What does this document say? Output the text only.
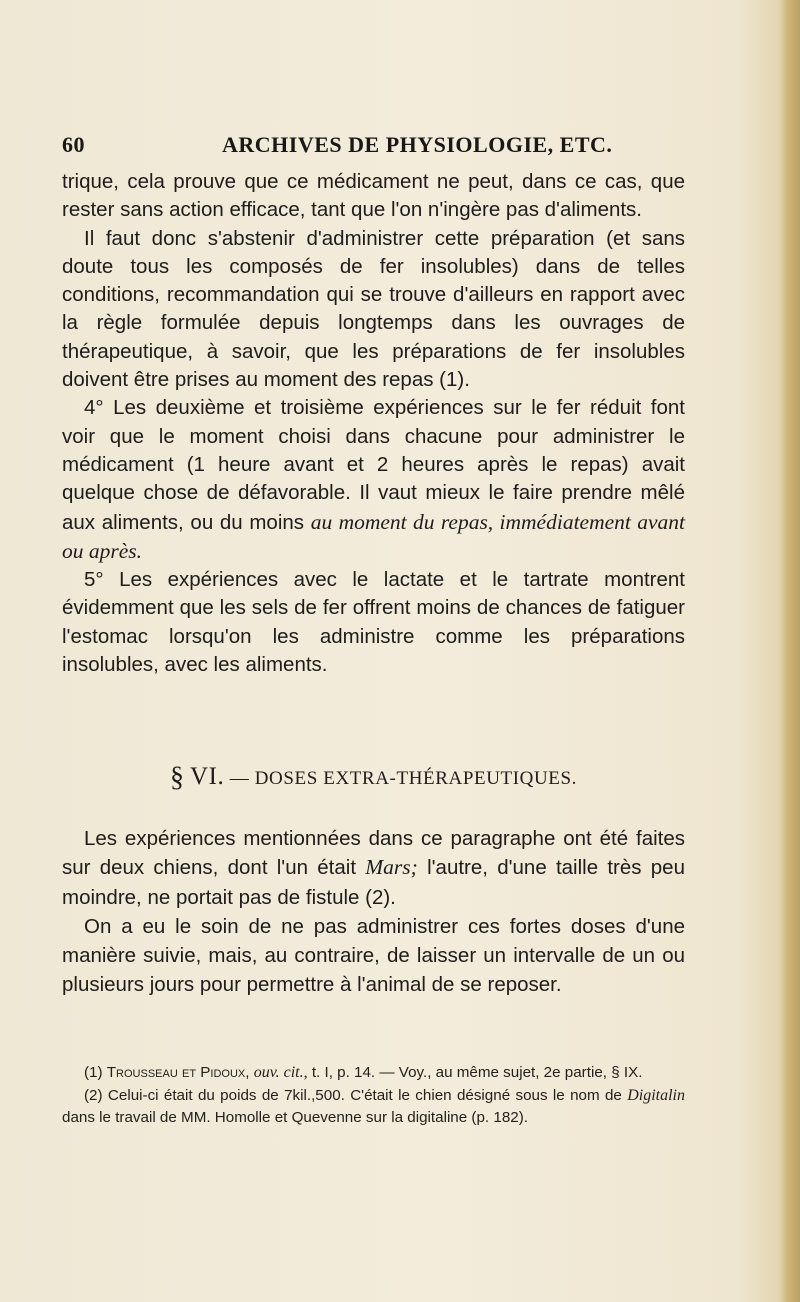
60	ARCHIVES DE PHYSIOLOGIE, ETC.

trique, cela prouve que ce médicament ne peut, dans ce cas, que rester sans action efficace, tant que l'on n'ingère pas d'aliments.

Il faut donc s'abstenir d'administrer cette préparation (et sans doute tous les composés de fer insolubles) dans de telles conditions, recommandation qui se trouve d'ailleurs en rapport avec la règle formulée depuis longtemps dans les ouvrages de thérapeutique, à savoir, que les préparations de fer insolubles doivent être prises au moment des repas (1).

4° Les deuxième et troisième expériences sur le fer réduit font voir que le moment choisi dans chacune pour administrer le médicament (1 heure avant et 2 heures après le repas) avait quelque chose de défavorable. Il vaut mieux le faire prendre mêlé aux aliments, ou du moins au moment du repas, immédiatement avant ou après.

5° Les expériences avec le lactate et le tartrate montrent évidemment que les sels de fer offrent moins de chances de fatiguer l'estomac lorsqu'on les administre comme les préparations insolubles, avec les aliments.

§ VI. — DOSES EXTRA-THÉRAPEUTIQUES.

Les expériences mentionnées dans ce paragraphe ont été faites sur deux chiens, dont l'un était Mars; l'autre, d'une taille très peu moindre, ne portait pas de fistule (2).

On a eu le soin de ne pas administrer ces fortes doses d'une manière suivie, mais, au contraire, de laisser un intervalle de un ou plusieurs jours pour permettre à l'animal de se reposer.

(1) Trousseau et Pidoux, ouv. cit., t. I, p. 14. — Voy., au même sujet, 2e partie, § IX.

(2) Celui-ci était du poids de 7kil.,500. C'était le chien désigné sous le nom de Digitalin dans le travail de MM. Homolle et Quevenne sur la digitaline (p. 182).
